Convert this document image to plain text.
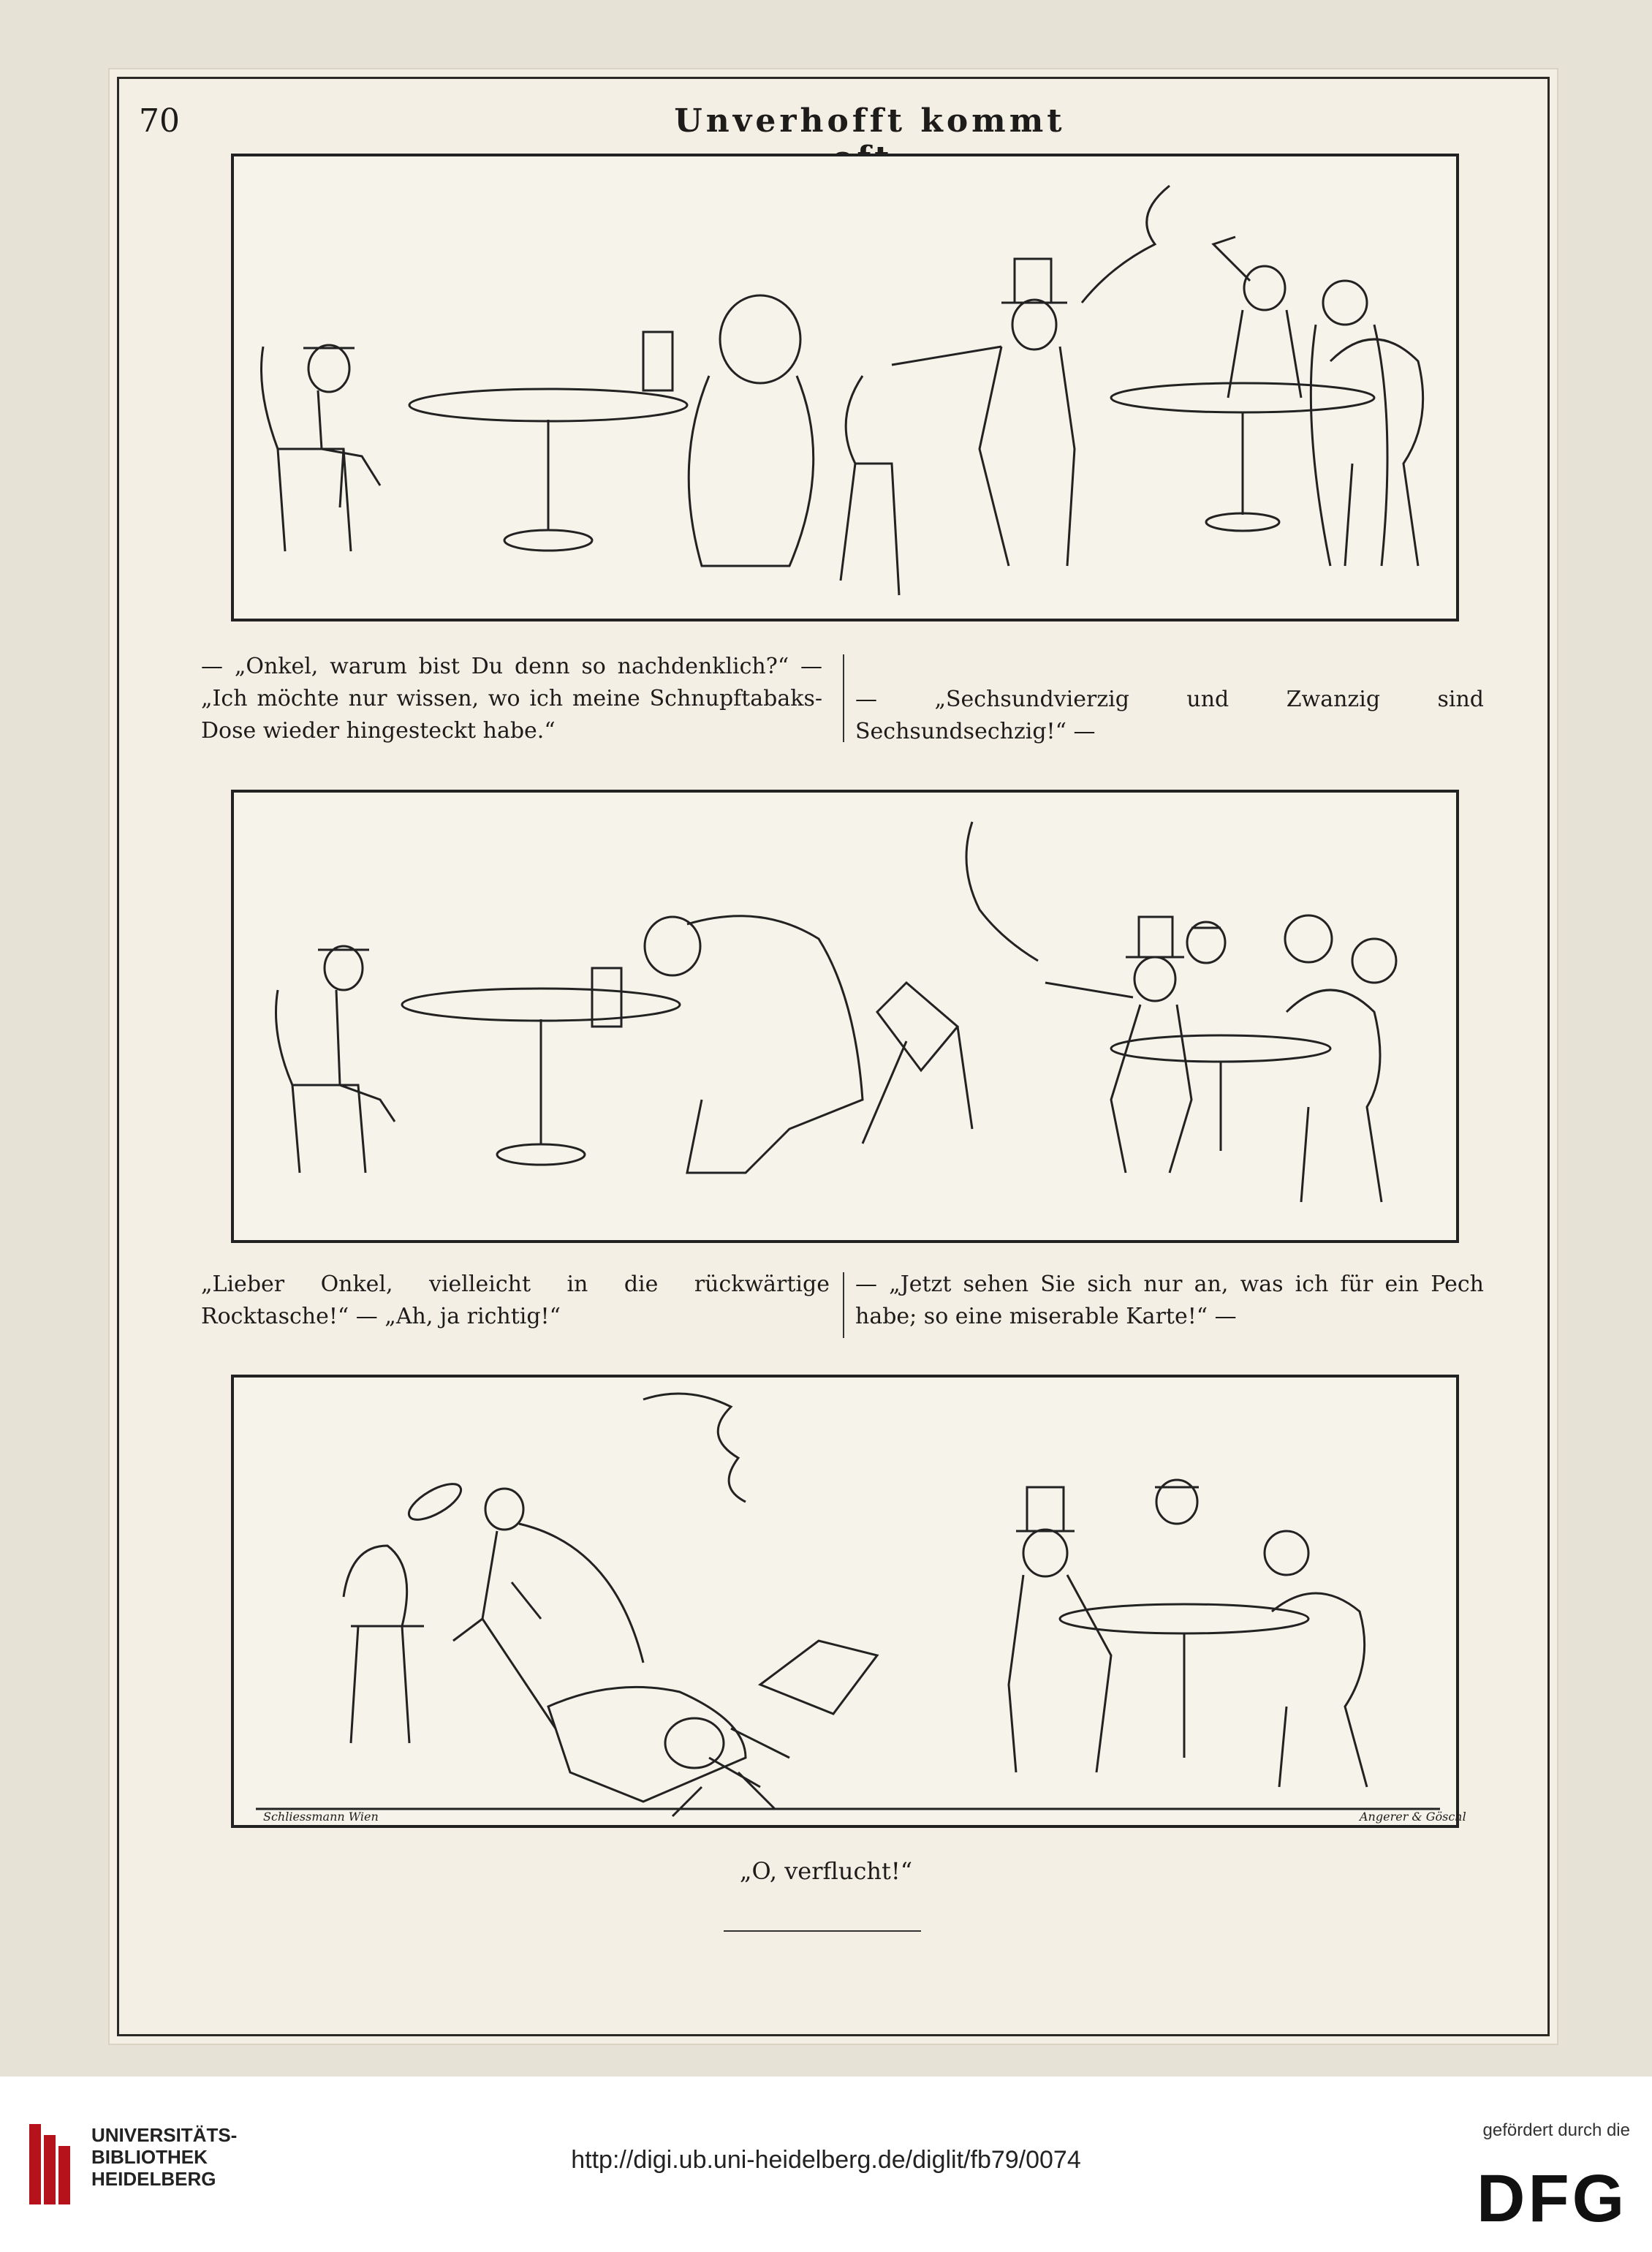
70	Unverhofft kommt
— „Onkel, warum bist Du denn so nachdenklich?“ — „Ich möchte nur wissen, wo ich meine Schnupftabaks-Dose wieder hingesteckt habe.“
— „Sechsundvierzig und Zwanzig sind Sechsundsechzig!“ —
„Lieber Onkel, vielleicht in die rückwärtige Rocktasche!“ — „Ah, ja richtig!“
— „Jetzt sehen Sie sich nur an, was ich für ein Pech habe; so eine miserable Karte!“ —
Schliessmann Wien	Angerer & Göschl
„O, verflucht!“
UNIVERSITÄTS-
BIBLIOTHEK
HEIDELBERG
http://digi.ub.uni-heidelberg.de/diglit/fb79/0074
gefördert durch die
DFG
